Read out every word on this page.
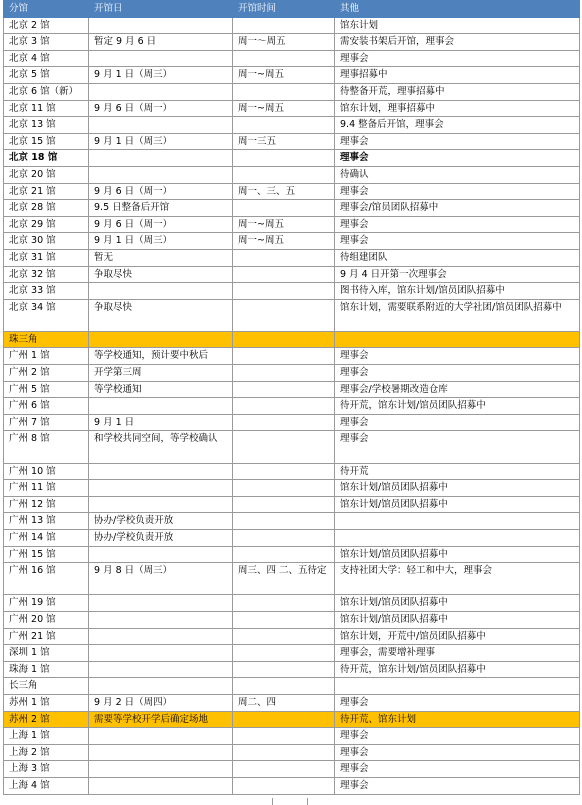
分馆	开馆日	开馆时间	其他
北京 2 馆			馆东计划
北京 3 馆	暂定 9 月 6 日	周一～周五	需安装书架后开馆，理事会
北京 4 馆			理事会
北京 5 馆	9 月 1 日（周三）	周一~周五	理事招募中
北京 6 馆（新）			待整备开荒，理事招募中
北京 11 馆	9 月 6 日（周一）	周一~周五	馆东计划，理事招募中
北京 13 馆			9.4 整备后开馆，理事会
北京 15 馆	9 月 1 日（周三）	周一三五	理事会
北京 18 馆			理事会
北京 20 馆			待确认
北京 21 馆	9 月 6 日（周一）	周一、三、五	理事会
北京 28 馆	9.5 日整备后开馆		理事会/馆员团队招募中
北京 29 馆	9 月 6 日（周一）	周一~周五	理事会
北京 30 馆	9 月 1 日（周三）	周一~周五	理事会
北京 31 馆	暂无		待组建团队
北京 32 馆	争取尽快		9 月 4 日开第一次理事会
北京 33 馆			图书待入库，馆东计划/馆员团队招募中
北京 34 馆	争取尽快		馆东计划，需要联系附近的大学社团/馆员团队招募中
珠三角			
广州 1 馆	等学校通知，预计要中秋后		理事会
广州 2 馆	开学第三周		理事会
广州 5 馆	等学校通知		理事会/学校暑期改造仓库
广州 6 馆			待开荒，馆东计划/馆员团队招募中
广州 7 馆	9 月 1 日		理事会
广州 8 馆	和学校共同空间，等学校确认		理事会
广州 10 馆			待开荒
广州 11 馆			馆东计划/馆员团队招募中
广州 12 馆			馆东计划/馆员团队招募中
广州 13 馆	协办/学校负责开放		
广州 14 馆	协办/学校负责开放		
广州 15 馆			馆东计划/馆员团队招募中
广州 16 馆	9 月 8 日（周三）	周三、四 二、五待定	支持社团大学：轻工和中大，理事会
广州 19 馆			馆东计划/馆员团队招募中
广州 20 馆			馆东计划/馆员团队招募中
广州 21 馆			馆东计划，开荒中/馆员团队招募中
深圳 1 馆			理事会，需要增补理事
珠海 1 馆			待开荒，馆东计划/馆员团队招募中
长三角			
苏州 1 馆	9 月 2 日（周四）	周二、四	理事会
苏州 2 馆	需要等学校开学后确定场地		待开荒、馆东计划
上海 1 馆			理事会
上海 2 馆			理事会
上海 3 馆			理事会
上海 4 馆			理事会
